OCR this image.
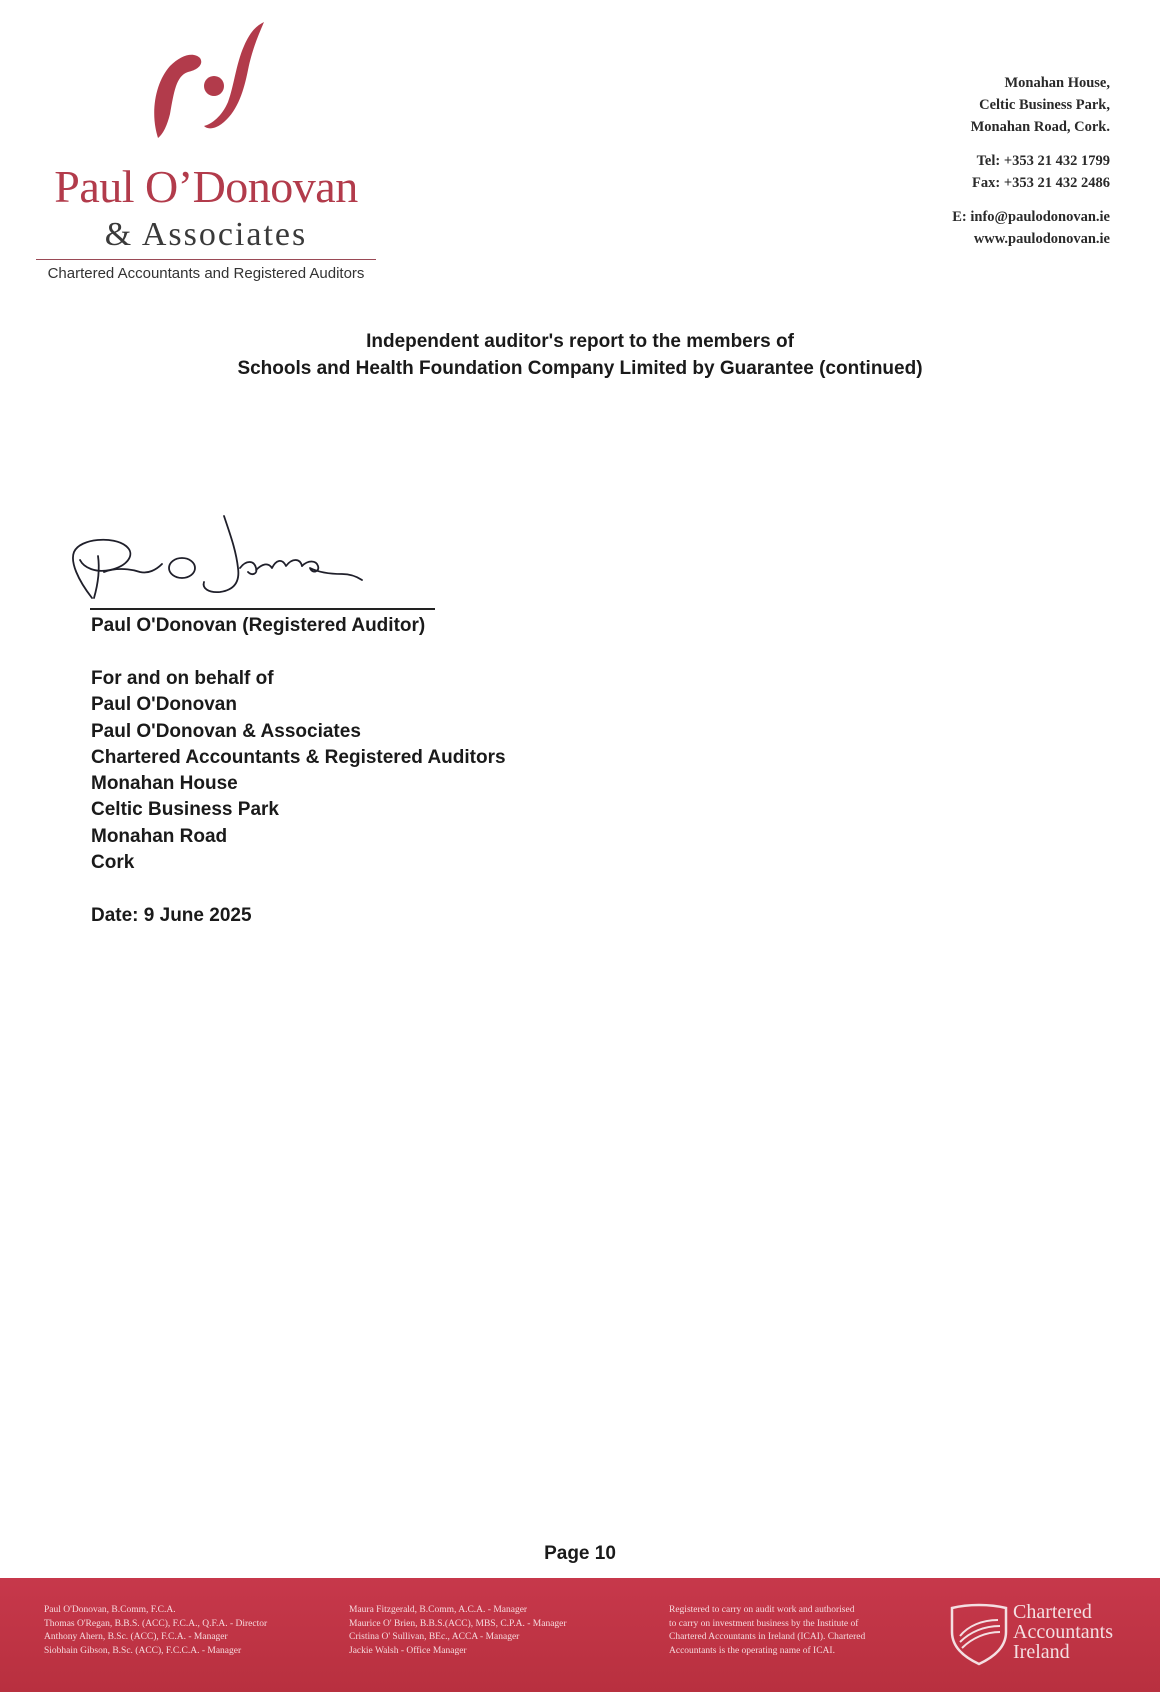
Paul O’Donovan
& Associates
Chartered Accountants and Registered Auditors
Monahan House,
Celtic Business Park,
Monahan Road, Cork.
Tel: +353 21 432 1799
Fax: +353 21 432 2486
E: info@paulodonovan.ie
www.paulodonovan.ie
Independent auditor's report to the members of
Schools and Health Foundation Company Limited by Guarantee (continued)
Paul O'Donovan (Registered Auditor)
For and on behalf of
Paul O'Donovan
Paul O'Donovan & Associates
Chartered Accountants & Registered Auditors
Monahan House
Celtic Business Park
Monahan Road
Cork
Date: 9 June 2025
Page 10
Paul O'Donovan, B.Comm, F.C.A.
Thomas O'Regan, B.B.S. (ACC), F.C.A., Q.F.A. - Director
Anthony Ahern, B.Sc. (ACC), F.C.A. - Manager
Siobhain Gibson, B.Sc. (ACC), F.C.C.A. - Manager
Maura Fitzgerald, B.Comm, A.C.A. - Manager
Maurice O' Brien, B.B.S.(ACC), MBS, C.P.A. - Manager
Cristina O' Sullivan, BEc., ACCA - Manager
Jackie Walsh - Office Manager
Registered to carry on audit work and authorised
to carry on investment business by the Institute of
Chartered Accountants in Ireland (ICAI). Chartered
Accountants is the operating name of ICAI.
Chartered
Accountants
Ireland
